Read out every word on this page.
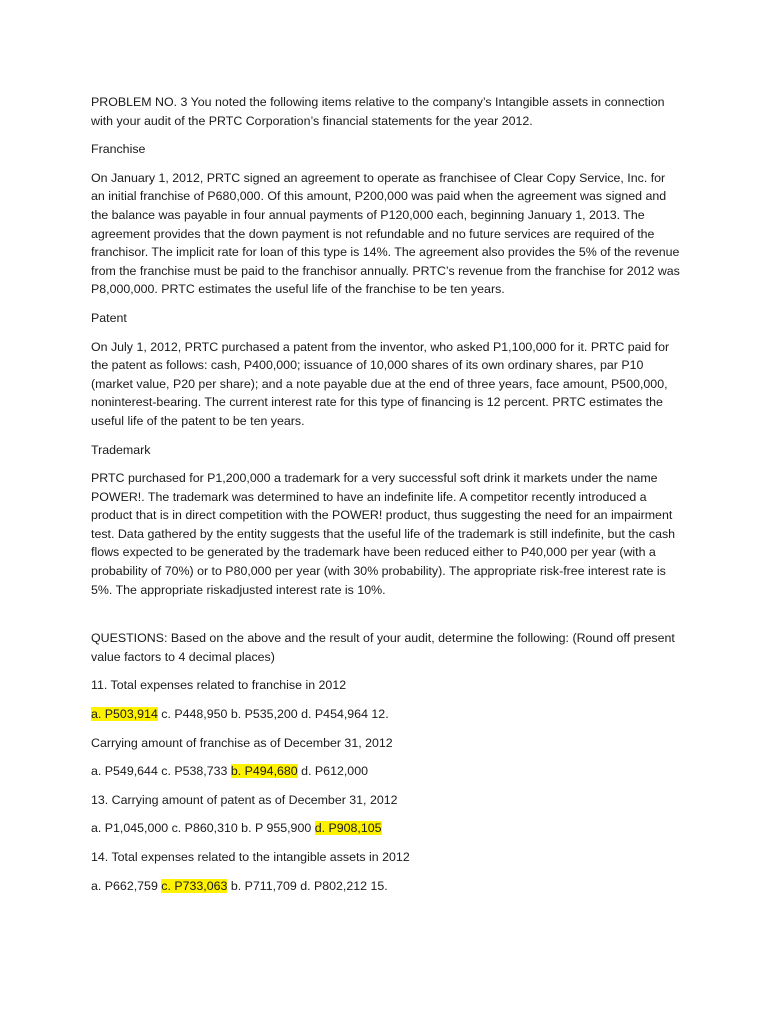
PROBLEM NO. 3 You noted the following items relative to the company’s Intangible assets in connection with your audit of the PRTC Corporation’s financial statements for the year 2012.

Franchise

On January 1, 2012, PRTC signed an agreement to operate as franchisee of Clear Copy Service, Inc. for an initial franchise of P680,000. Of this amount, P200,000 was paid when the agreement was signed and the balance was payable in four annual payments of P120,000 each, beginning January 1, 2013. The agreement provides that the down payment is not refundable and no future services are required of the franchisor. The implicit rate for loan of this type is 14%. The agreement also provides the 5% of the revenue from the franchise must be paid to the franchisor annually. PRTC’s revenue from the franchise for 2012 was P8,000,000. PRTC estimates the useful life of the franchise to be ten years.

Patent

On July 1, 2012, PRTC purchased a patent from the inventor, who asked P1,100,000 for it. PRTC paid for the patent as follows: cash, P400,000; issuance of 10,000 shares of its own ordinary shares, par P10 (market value, P20 per share); and a note payable due at the end of three years, face amount, P500,000, noninterest-bearing. The current interest rate for this type of financing is 12 percent. PRTC estimates the useful life of the patent to be ten years.

Trademark

PRTC purchased for P1,200,000 a trademark for a very successful soft drink it markets under the name POWER!. The trademark was determined to have an indefinite life. A competitor recently introduced a product that is in direct competition with the POWER! product, thus suggesting the need for an impairment test. Data gathered by the entity suggests that the useful life of the trademark is still indefinite, but the cash flows expected to be generated by the trademark have been reduced either to P40,000 per year (with a probability of 70%) or to P80,000 per year (with 30% probability). The appropriate risk-free interest rate is 5%. The appropriate riskadjusted interest rate is 10%.

QUESTIONS: Based on the above and the result of your audit, determine the following: (Round off present value factors to 4 decimal places)

11. Total expenses related to franchise in 2012

a. P503,914 c. P448,950 b. P535,200 d. P454,964 12.

Carrying amount of franchise as of December 31, 2012

a. P549,644 c. P538,733 b. P494,680 d. P612,000

13. Carrying amount of patent as of December 31, 2012

a. P1,045,000 c. P860,310 b. P 955,900 d. P908,105

14. Total expenses related to the intangible assets in 2012

a. P662,759 c. P733,063 b. P711,709 d. P802,212 15.
